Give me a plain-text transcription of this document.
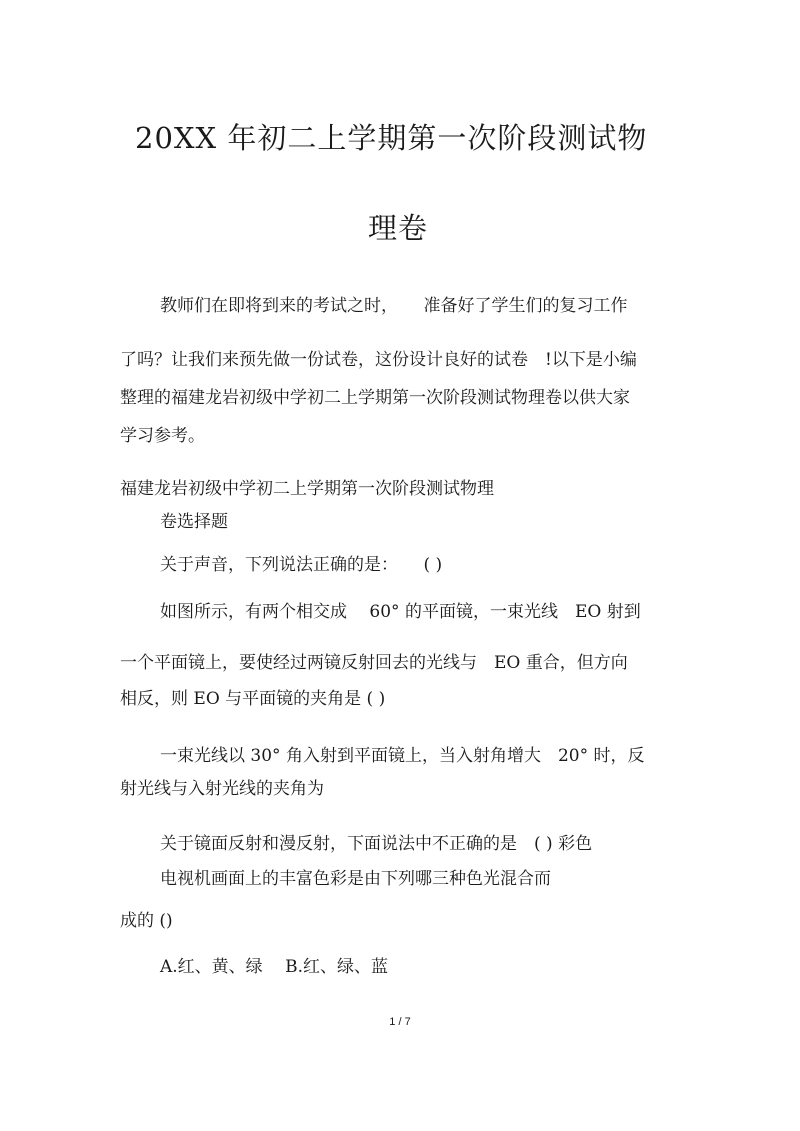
20XX 年初二上学期第一次阶段测试物
理卷
教师们在即将到来的考试之时，　　准备好了学生们的复习工作
了吗？让我们来预先做一份试卷，这份设计良好的试卷　!以下是小编
整理的福建龙岩初级中学初二上学期第一次阶段测试物理卷以供大家
学习参考。
福建龙岩初级中学初二上学期第一次阶段测试物理
卷选择题
关于声音，下列说法正确的是：　　( )
如图所示，有两个相交成　 60° 的平面镜，一束光线　EO 射到
一个平面镜上，要使经过两镜反射回去的光线与　EO 重合，但方向
相反，则 EO 与平面镜的夹角是 ( )
一束光线以 30° 角入射到平面镜上，当入射角增大　20° 时，反
射光线与入射光线的夹角为
关于镜面反射和漫反射，下面说法中不正确的是　( ) 彩色
电视机画面上的丰富色彩是由下列哪三种色光混合而
成的 ()
A.红、黄、绿　 B.红、绿、蓝
1 / 7
